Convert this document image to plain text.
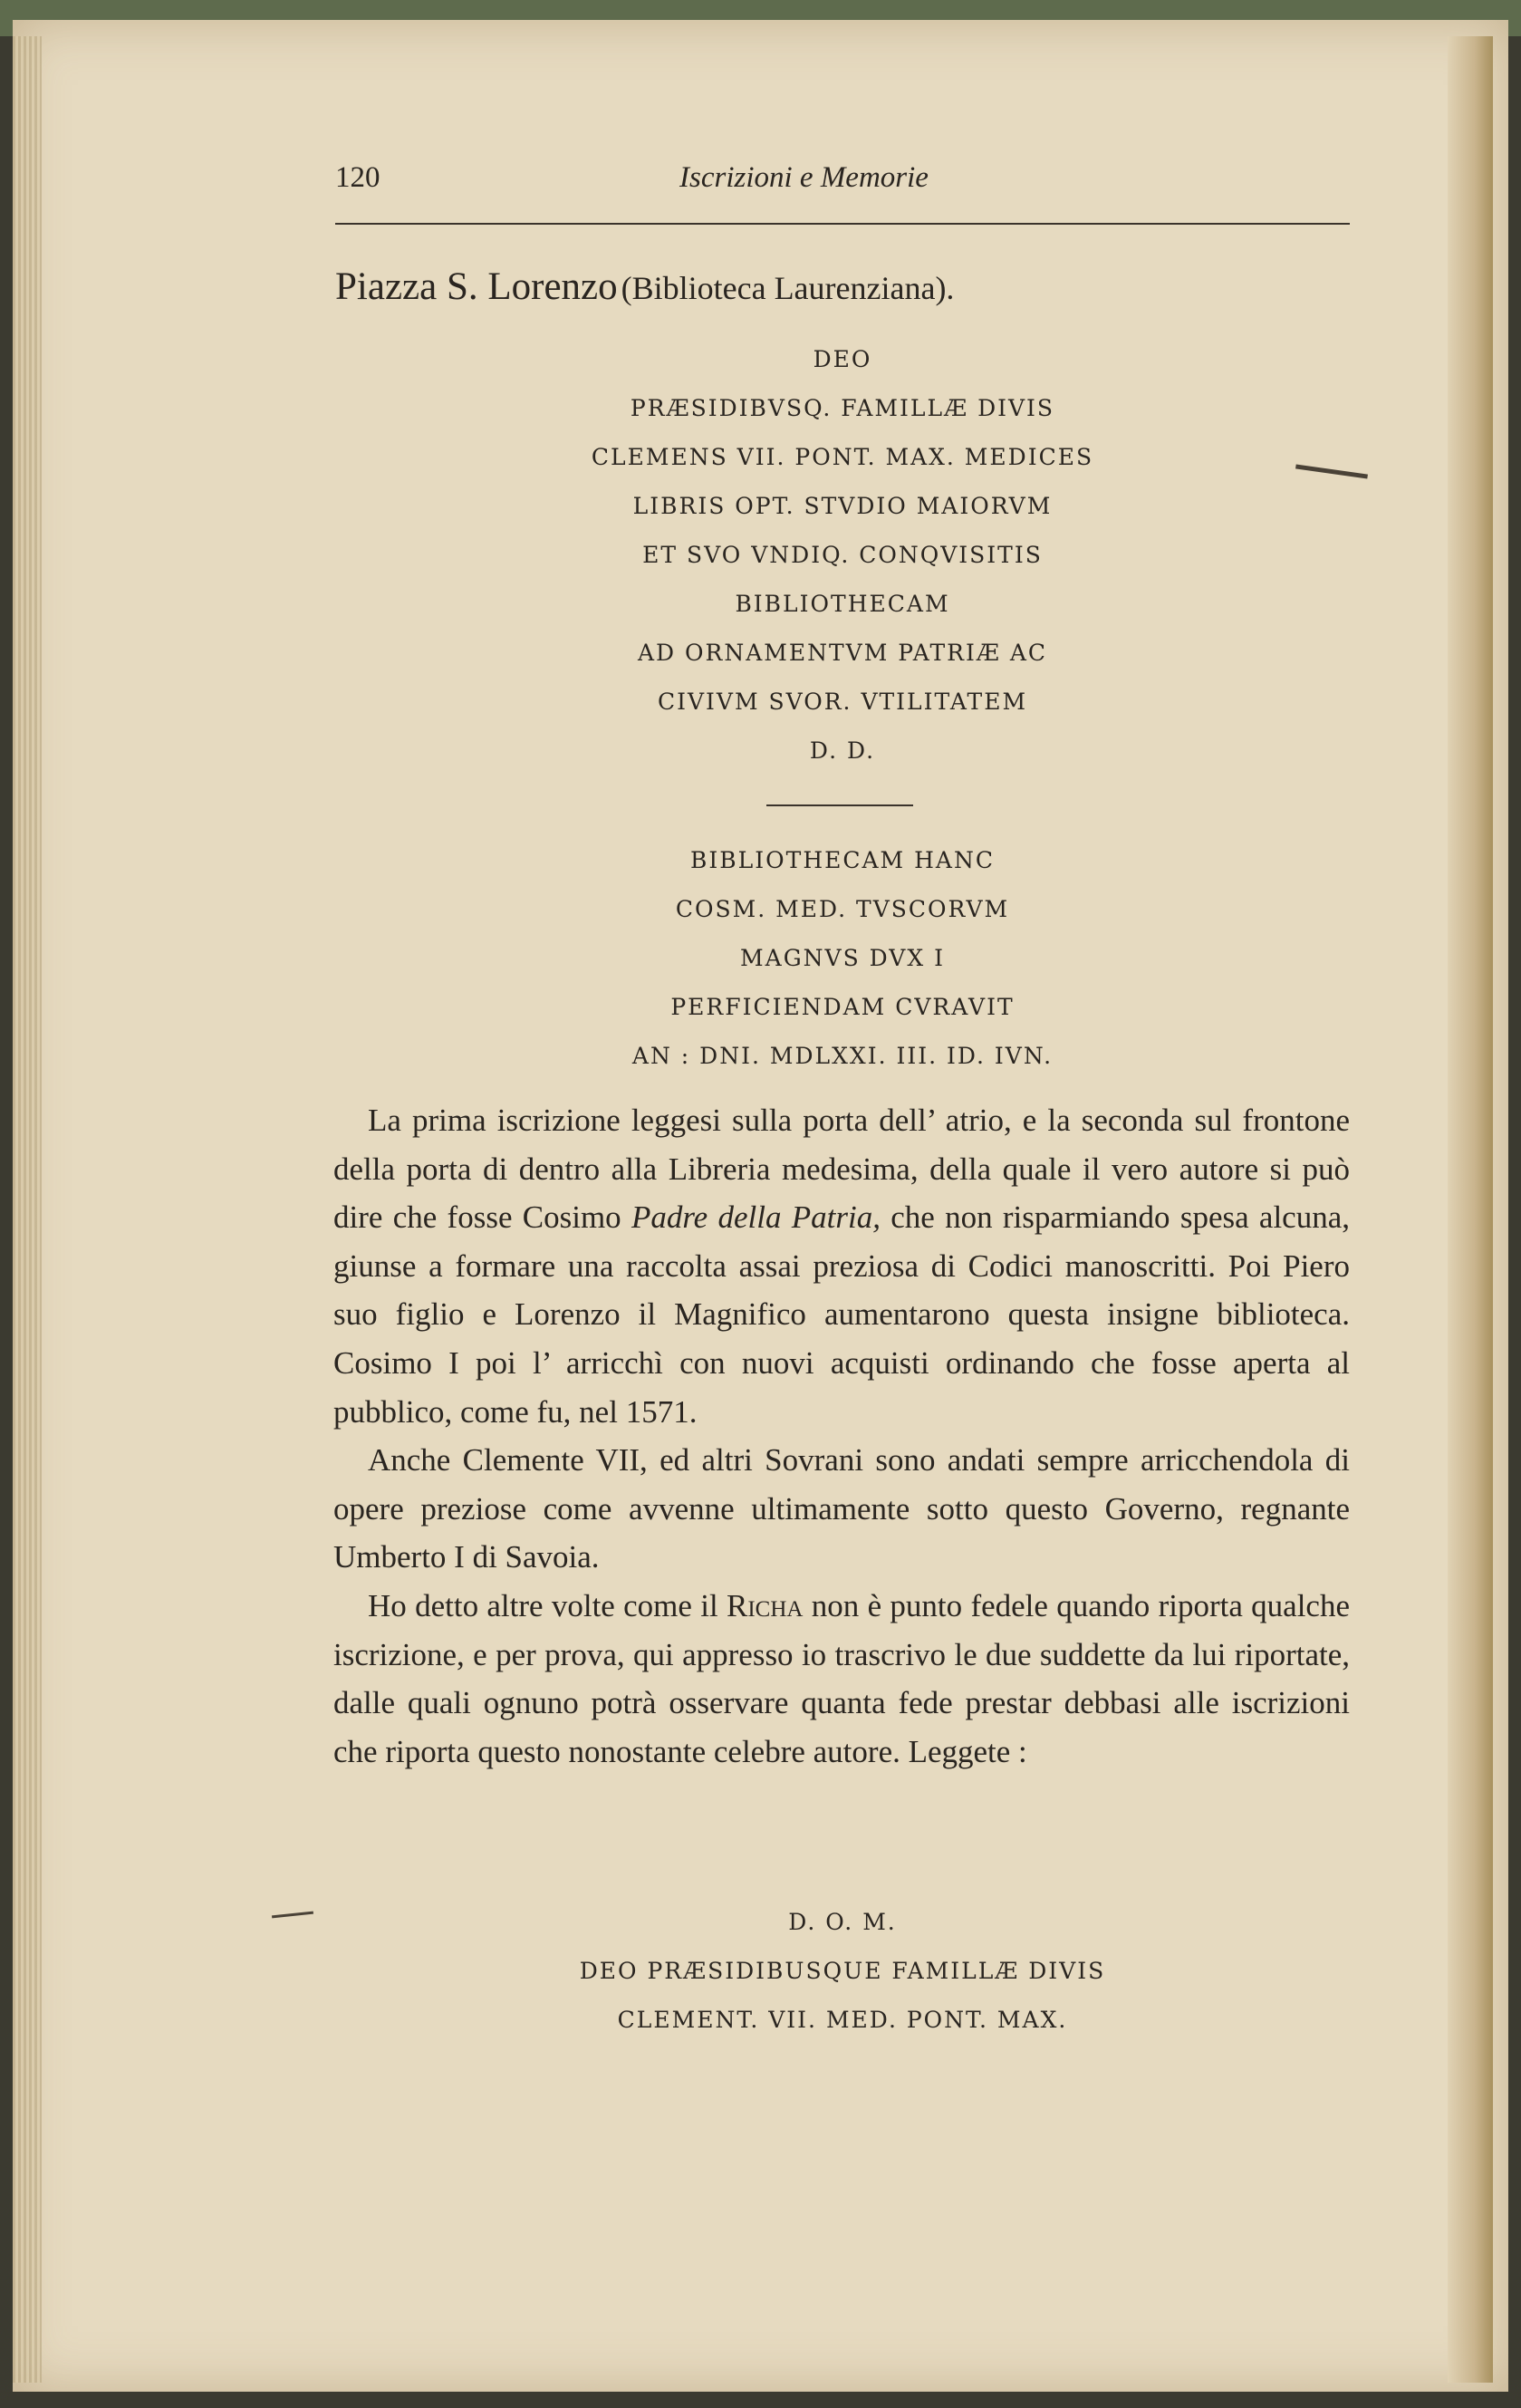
120	Iscrizioni e Memorie
Piazza S. Lorenzo (Biblioteca Laurenziana).
DEO
PRÆSIDIBVSQ. FAMILLÆ DIVIS
CLEMENS VII. PONT. MAX. MEDICES
LIBRIS OPT. STVDIO MAIORVM
ET SVO VNDIQ. CONQVISITIS
BIBLIOTHECAM
AD ORNAMENTVM PATRIÆ AC
CIVIVM SVOR. VTILITATEM
D. D.
BIBLIOTHECAM HANC
COSM. MED. TVSCORVM
MAGNVS DVX I
PERFICIENDAM CVRAVIT
AN : DNI. MDLXXI. III. ID. IVN.

La prima iscrizione leggesi sulla porta dell’ atrio, e la seconda sul frontone della porta di dentro alla Libreria medesima, della quale il vero autore si può dire che fosse Cosimo Padre della Patria, che non risparmiando spesa alcuna, giunse a formare una raccolta assai preziosa di Codici manoscritti. Poi Piero suo figlio e Lorenzo il Magnifico aumentarono questa insigne biblioteca. Cosimo I poi l’ arricchì con nuovi acquisti ordinando che fosse aperta al pubblico, come fu, nel 1571.

Anche Clemente VII, ed altri Sovrani sono andati sempre arricchendola di opere preziose come avvenne ultimamente sotto questo Governo, regnante Umberto I di Savoia.

Ho detto altre volte come il Richa non è punto fedele quando riporta qualche iscrizione, e per prova, qui appresso io trascrivo le due suddette da lui riportate, dalle quali ognuno potrà osservare quanta fede prestar debbasi alle iscrizioni che riporta questo nonostante celebre autore. Leggete :

D. O. M.
DEO PRÆSIDIBUSQUE FAMILLÆ DIVIS
CLEMENT. VII. MED. PONT. MAX.
